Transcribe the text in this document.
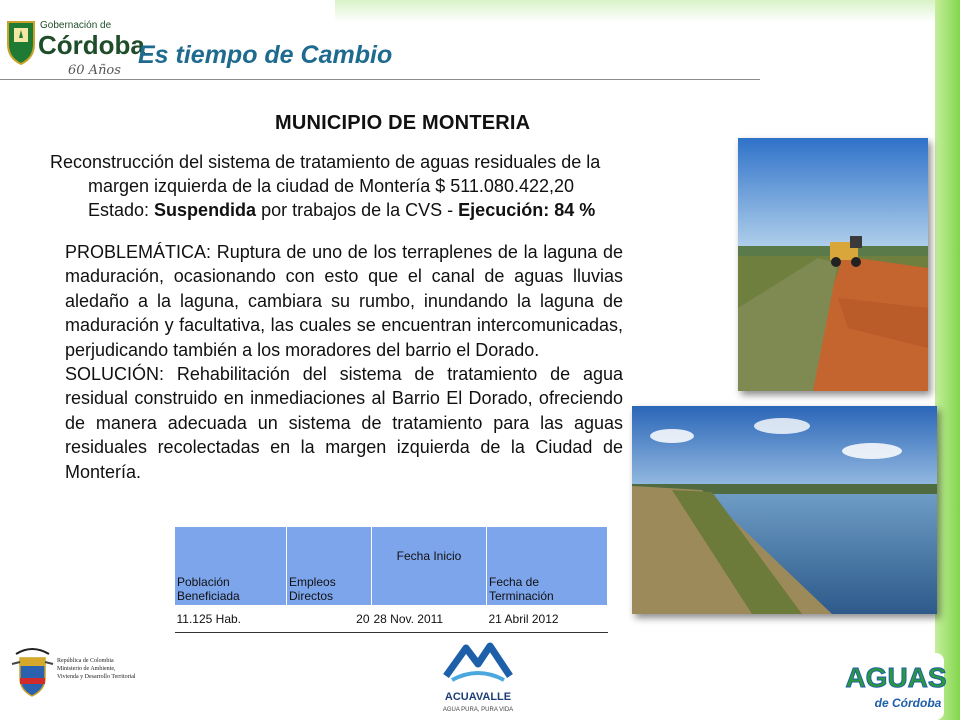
Gobernación de
Córdoba
60 Años
Es tiempo de Cambio
MUNICIPIO DE MONTERIA
Reconstrucción del sistema de tratamiento de aguas residuales de la
margen izquierda de la ciudad de Montería $ 511.080.422,20
Estado: Suspendida por trabajos de la CVS - Ejecución: 84 %
PROBLEMÁTICA: Ruptura de uno de los terraplenes de la laguna de maduración, ocasionando con esto que el canal de aguas lluvias aledaño a la laguna, cambiara su rumbo, inundando la laguna de maduración y facultativa, las cuales se encuentran intercomunicadas, perjudicando también a los moradores del barrio el Dorado.
SOLUCIÓN: Rehabilitación del sistema de tratamiento de agua residual construido en inmediaciones al Barrio El Dorado, ofreciendo de manera adecuada un sistema de tratamiento para las aguas residuales recolectadas en la margen izquierda de la Ciudad de Montería.
Población Beneficiada	Empleos Directos	Fecha Inicio	Fecha de Terminación
11.125 Hab.	20	28 Nov. 2011	21 Abril 2012
República de Colombia
Ministerio de Ambiente,
Vivienda y Desarrollo Territorial
ACUAVALLE
AGUA PURA, PURA VIDA
AGUAS
de Córdoba
